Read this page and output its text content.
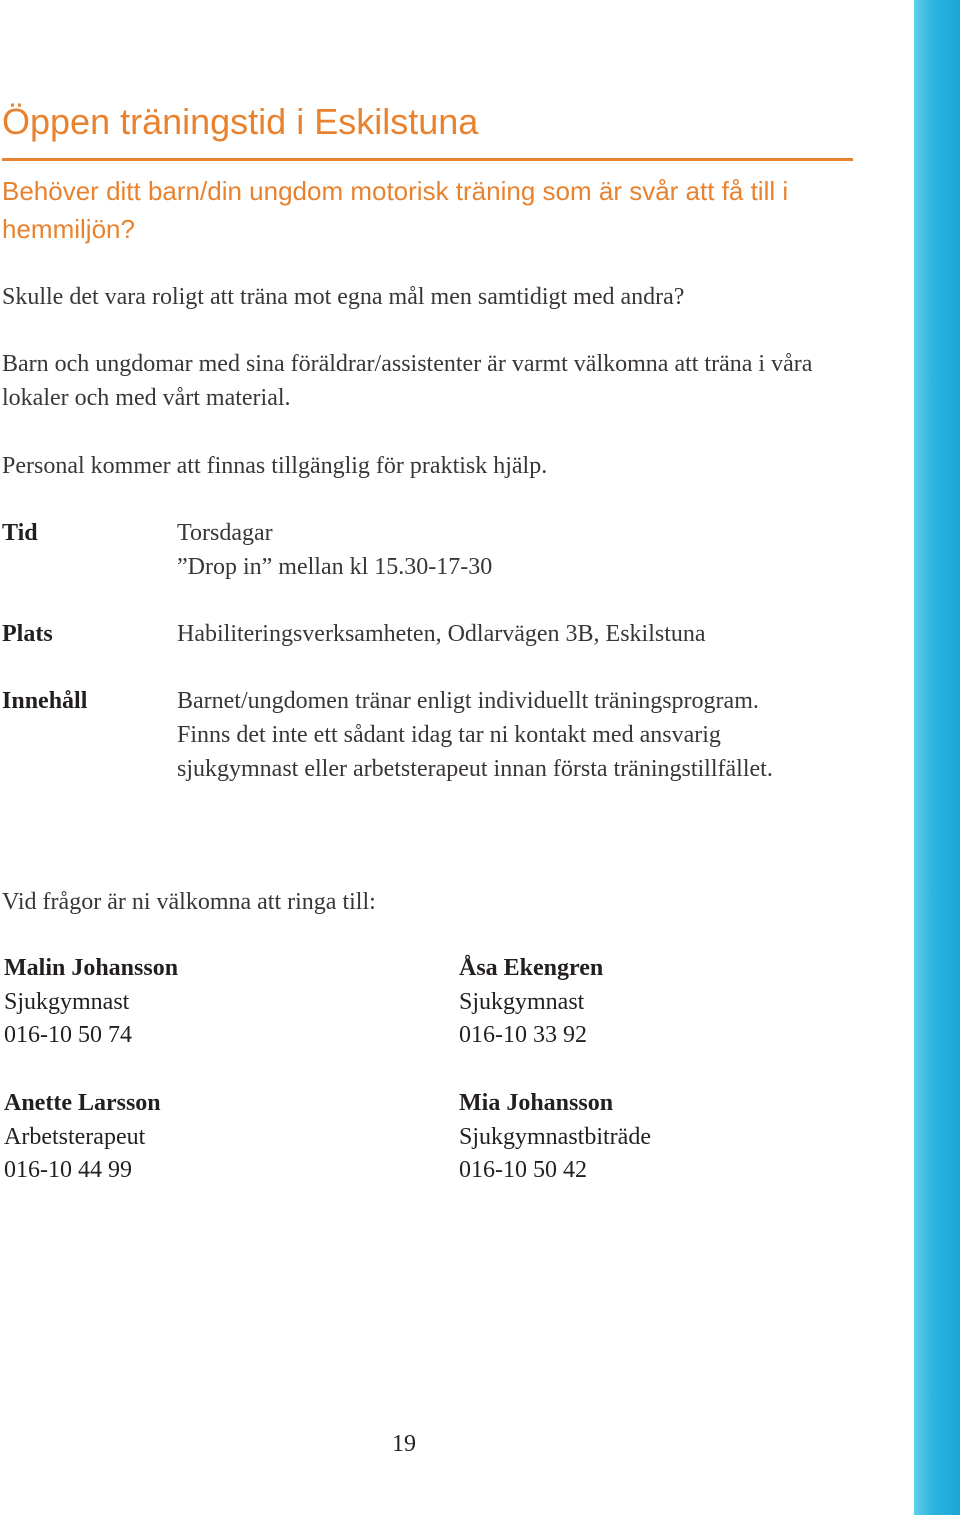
Öppen träningstid i Eskilstuna

Behöver ditt barn/din ungdom motorisk träning som är svår att få till i hemmiljön?

Skulle det vara roligt att träna mot egna mål men samtidigt med andra?

Barn och ungdomar med sina föräldrar/assistenter är varmt välkomna att träna i våra lokaler och med vårt material.

Personal kommer att finnas tillgänglig för praktisk hjälp.

Tid	Torsdagar

”Drop in” mellan kl 15.30-17-30

Plats	Habiliteringsverksamheten, Odlarvägen 3B, Eskilstuna

Innehåll	Barnet/ungdomen tränar enligt individuellt träningsprogram. Finns det inte ett sådant idag tar ni kontakt med ansvarig sjukgymnast eller arbetsterapeut innan första träningstillfället.

Vid frågor är ni välkomna att ringa till:

Malin Johansson
Sjukgymnast
016-10 50 74
Åsa Ekengren
Sjukgymnast
016-10 33 92
Anette Larsson
Arbetsterapeut
016-10 44 99
Mia Johansson
Sjukgymnastbiträde
016-10 50 42
19
